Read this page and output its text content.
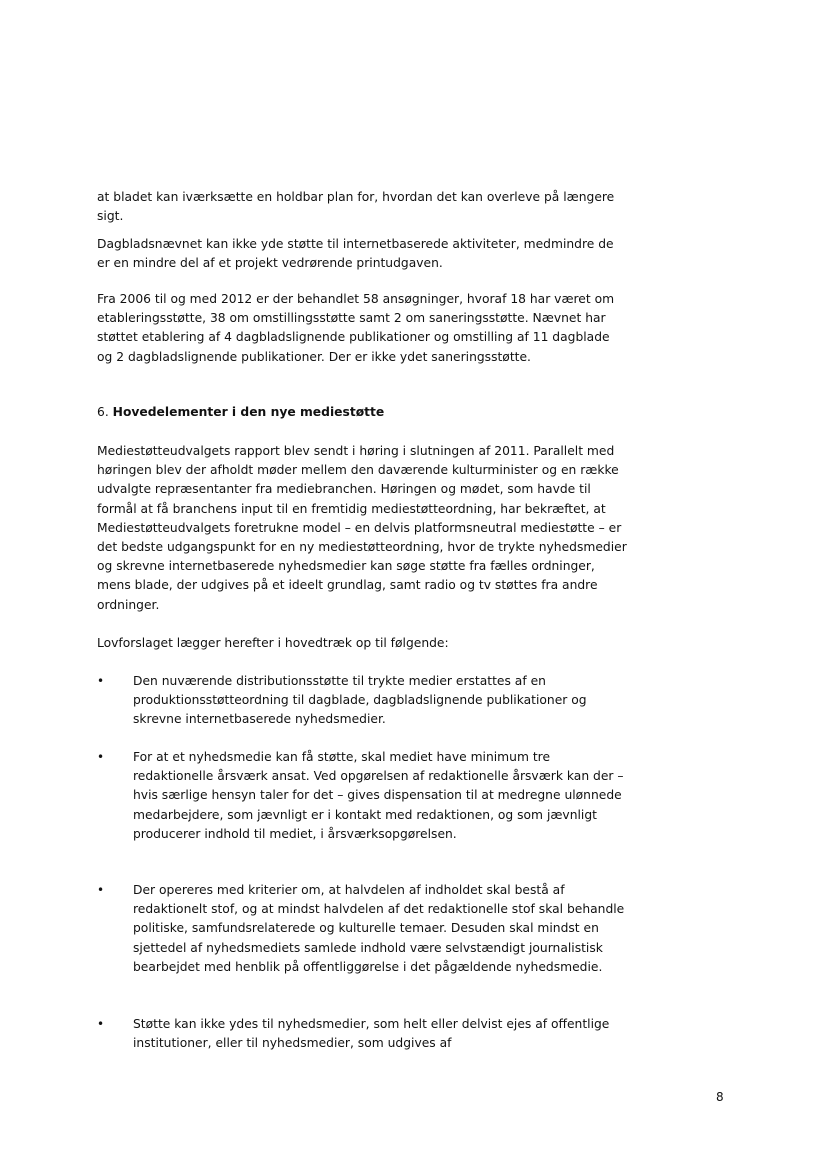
at bladet kan iværksætte en holdbar plan for, hvordan det kan overleve på længere sigt.

Dagbladsnævnet kan ikke yde støtte til internetbaserede aktiviteter, medmindre de er en mindre del af et projekt vedrørende printudgaven.

Fra 2006 til og med 2012 er der behandlet 58 ansøgninger, hvoraf 18 har været om etableringsstøtte, 38 om omstillingsstøtte samt 2 om saneringsstøtte. Nævnet har støttet etablering af 4 dagbladslignende publikationer og omstilling af 11 dagblade og 2 dagbladslignende publikationer. Der er ikke ydet saneringsstøtte.

6. Hovedelementer i den nye mediestøtte

Mediestøtteudvalgets rapport blev sendt i høring i slutningen af 2011. Parallelt med høringen blev der afholdt møder mellem den daværende kulturminister og en række udvalgte repræsentanter fra mediebranchen. Høringen og mødet, som havde til formål at få branchens input til en fremtidig mediestøtteordning, har bekræftet, at Mediestøtteudvalgets foretrukne model – en delvis platformsneutral mediestøtte – er det bedste udgangspunkt for en ny mediestøtteordning, hvor de trykte nyhedsmedier og skrevne internetbaserede nyhedsmedier kan søge støtte fra fælles ordninger, mens blade, der udgives på et ideelt grundlag, samt radio og tv støttes fra andre ordninger.

Lovforslaget lægger herefter i hovedtræk op til følgende:

•	Den nuværende distributionsstøtte til trykte medier erstattes af en produktionsstøtteordning til dagblade, dagbladslignende publikationer og skrevne internetbaserede nyhedsmedier.

•	For at et nyhedsmedie kan få støtte, skal mediet have minimum tre redaktionelle årsværk ansat. Ved opgørelsen af redaktionelle årsværk kan der – hvis særlige hensyn taler for det – gives dispensation til at medregne ulønnede medarbejdere, som jævnligt er i kontakt med redaktionen, og som jævnligt producerer indhold til mediet, i årsværksopgørelsen.

•	Der opereres med kriterier om, at halvdelen af indholdet skal bestå af redaktionelt stof, og at mindst halvdelen af det redaktionelle stof skal behandle politiske, samfundsrelaterede og kulturelle temaer. Desuden skal mindst en sjettedel af nyhedsmediets samlede indhold være selvstændigt journalistisk bearbejdet med henblik på offentliggørelse i det pågældende nyhedsmedie.

•	Støtte kan ikke ydes til nyhedsmedier, som helt eller delvist ejes af offentlige institutioner, eller til nyhedsmedier, som udgives af

8
